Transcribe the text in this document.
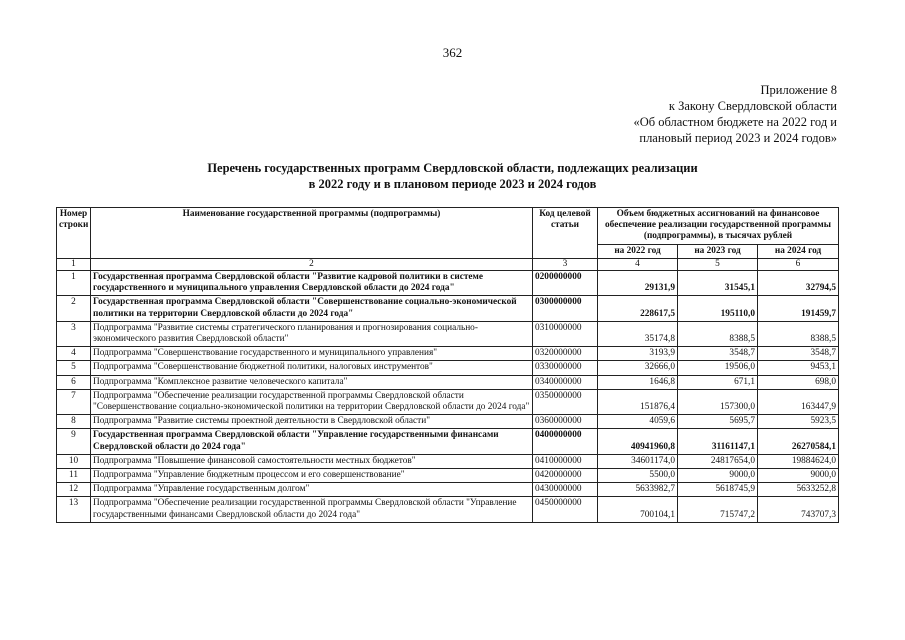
362
Приложение 8
к Закону Свердловской области
«Об областном бюджете на 2022 год и
плановый период 2023 и 2024 годов»
Перечень государственных программ Свердловской области, подлежащих реализации
в 2022 году и в плановом периоде 2023 и 2024 годов
Номер строки	Наименование государственной программы (подпрограммы)	Код целевой статьи	Объем бюджетных ассигнований на финансовое обеспечение реализации государственной программы (подпрограммы), в тысячах рублей		
			на 2022 год	на 2023 год	на 2024 год
1	2	3	4	5	6
1	Государственная программа Свердловской области "Развитие кадровой политики в системе государственного и муниципального управления Свердловской области до 2024 года"	0200000000	29131,9	31545,1	32794,5
2	Государственная программа Свердловской области "Совершенствование социально-экономической политики на территории Свердловской области до 2024 года"	0300000000	228617,5	195110,0	191459,7
3	Подпрограмма "Развитие системы стратегического планирования и прогнозирования социально-экономического развития Свердловской области"	0310000000	35174,8	8388,5	8388,5
4	Подпрограмма "Совершенствование государственного и муниципального управления"	0320000000	3193,9	3548,7	3548,7
5	Подпрограмма "Совершенствование бюджетной политики, налоговых инструментов"	0330000000	32666,0	19506,0	9453,1
6	Подпрограмма "Комплексное развитие человеческого капитала"	0340000000	1646,8	671,1	698,0
7	Подпрограмма "Обеспечение реализации государственной программы Свердловской области "Совершенствование социально-экономической политики на территории Свердловской области до 2024 года"	0350000000	151876,4	157300,0	163447,9
8	Подпрограмма "Развитие системы проектной деятельности в Свердловской области"	0360000000	4059,6	5695,7	5923,5
9	Государственная программа Свердловской области "Управление государственными финансами Свердловской области до 2024 года"	0400000000	40941960,8	31161147,1	26270584,1
10	Подпрограмма "Повышение финансовой самостоятельности местных бюджетов"	0410000000	34601174,0	24817654,0	19884624,0
11	Подпрограмма "Управление бюджетным процессом и его совершенствование"	0420000000	5500,0	9000,0	9000,0
12	Подпрограмма "Управление государственным долгом"	0430000000	5633982,7	5618745,9	5633252,8
13	Подпрограмма "Обеспечение реализации государственной программы Свердловской области "Управление государственными финансами Свердловской области до 2024 года"	0450000000	700104,1	715747,2	743707,3
